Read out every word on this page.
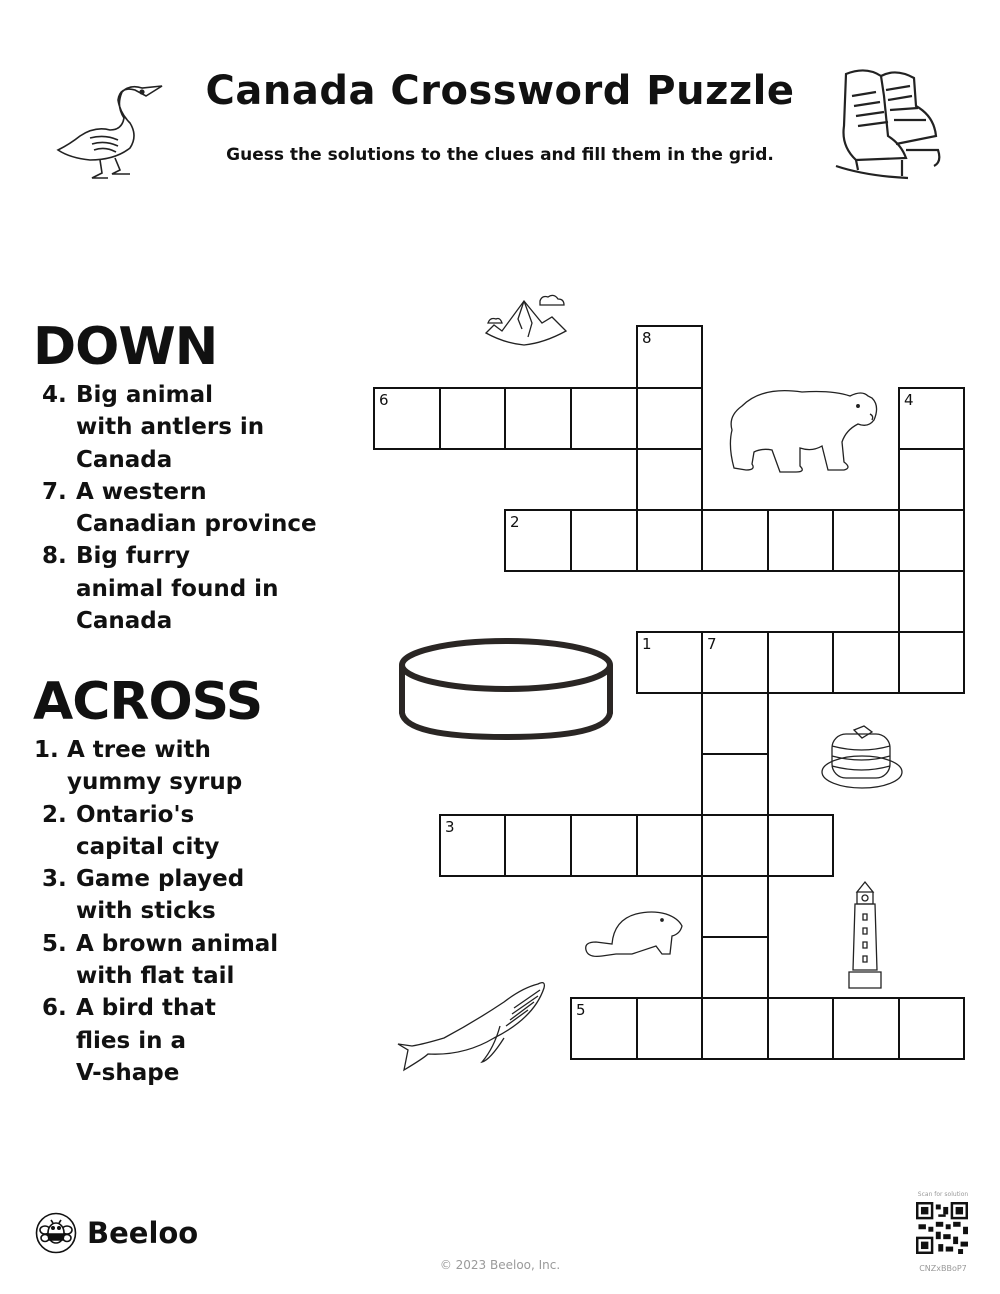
Canada Crossword Puzzle
Guess the solutions to the clues and fill them in the grid.
DOWN
4. Big animal
with antlers in
Canada
7. A western
Canadian province
8. Big furry
animal found in
Canada
ACROSS
1. A tree with
yummy syrup
2. Ontario's
capital city
3. Game played
with sticks
5. A brown animal
with flat tail
6. A bird that
flies in a
V-shape
8
6	4
2
1	7
3
5
Beeloo
© 2023 Beeloo, Inc.
Scan for solution
CNZxBBoP7
